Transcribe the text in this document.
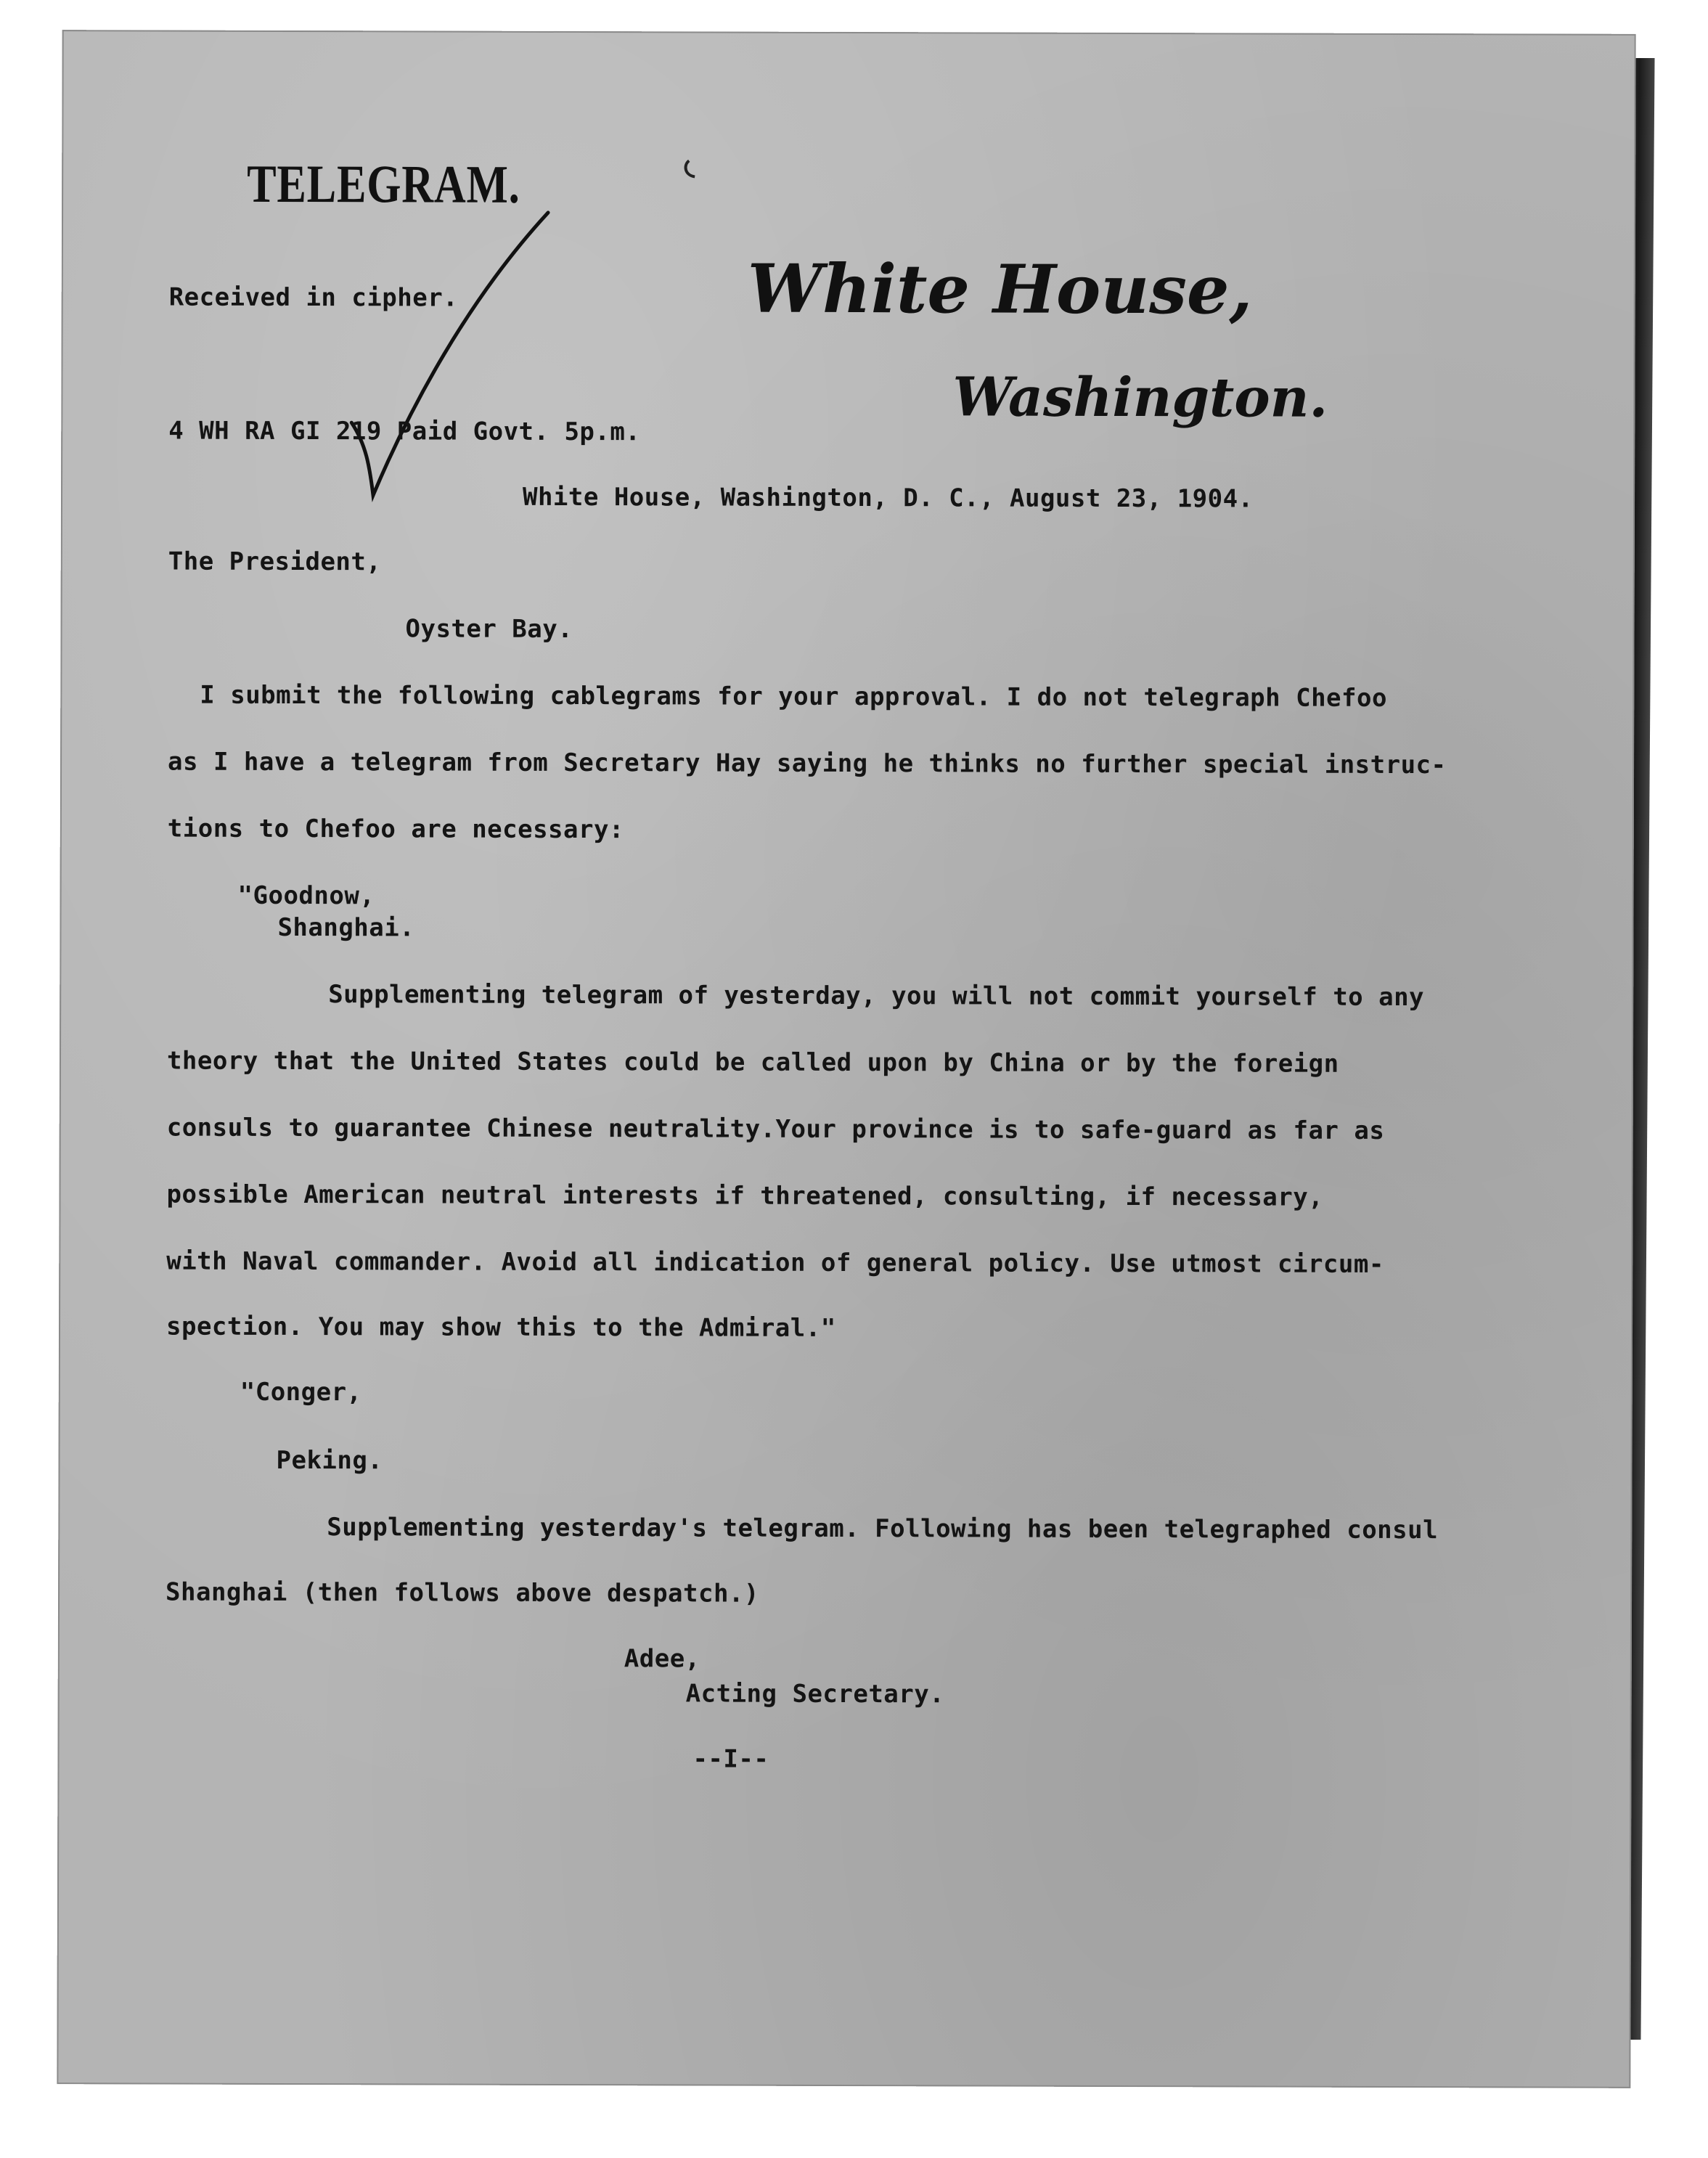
TELEGRAM.
White House,
Washington.
Received in cipher.
4 WH RA GI 219 Paid Govt. 5p.m.
White House, Washington, D. C., August 23, 1904.
The President,
Oyster Bay.
I submit the following cablegrams for your approval. I do not telegraph Chefoo
as I have a telegram from Secretary Hay saying he thinks no further special instruc-
tions to Chefoo are necessary:
"Goodnow,
Shanghai.
Supplementing telegram of yesterday, you will not commit yourself to any
theory that the United States could be called upon by China or by the foreign
consuls to guarantee Chinese neutrality.Your province is to safe-guard as far as
possible American neutral interests if threatened, consulting, if necessary,
with Naval commander. Avoid all indication of general policy. Use utmost circum-
spection. You may show this to the Admiral."
"Conger,
Peking.
Supplementing yesterday's telegram. Following has been telegraphed consul
Shanghai (then follows above despatch.)
Adee,
Acting Secretary.
--I--
